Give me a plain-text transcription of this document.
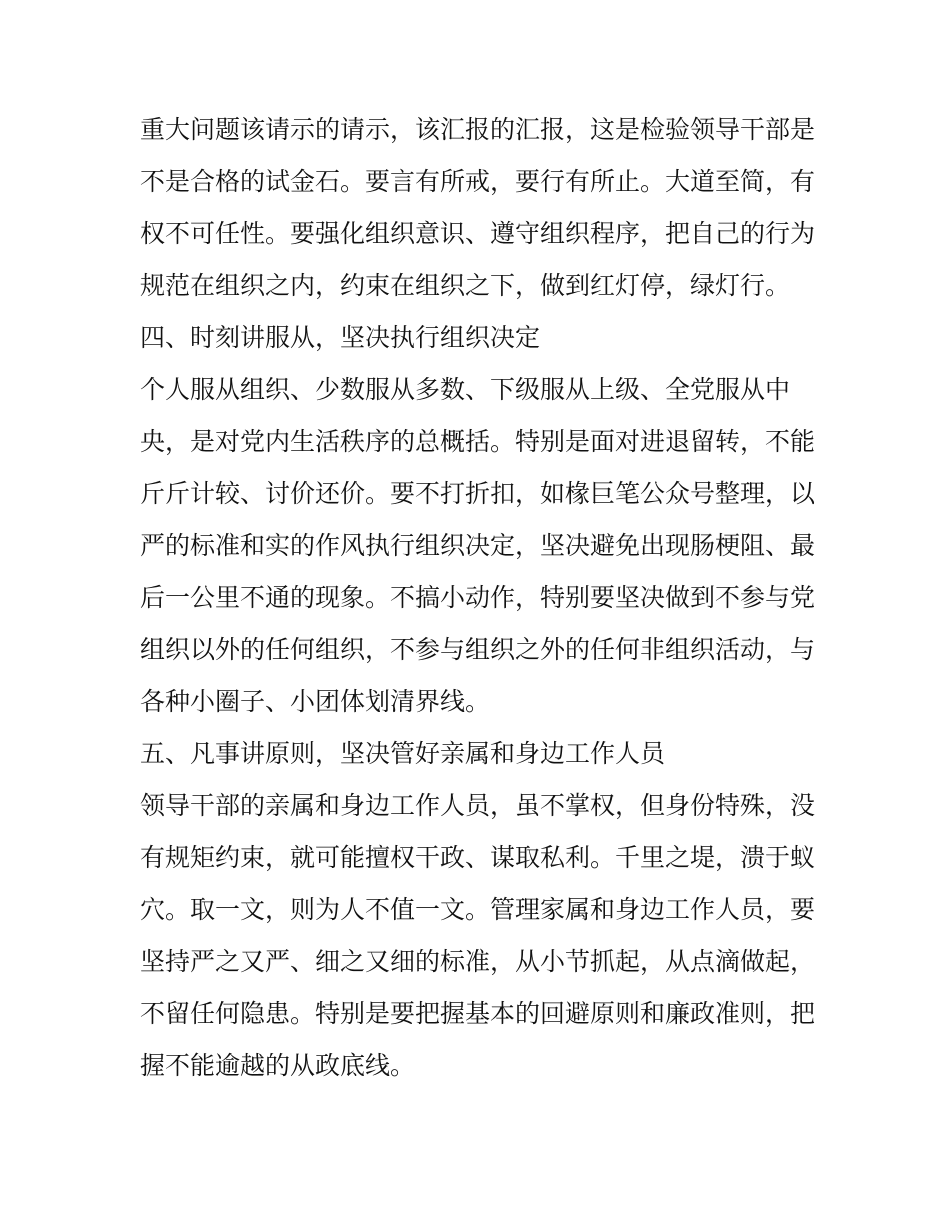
重大问题该请示的请示，该汇报的汇报，这是检验领导干部是
不是合格的试金石。要言有所戒，要行有所止。大道至简，有
权不可任性。要强化组织意识、遵守组织程序，把自己的行为
规范在组织之内，约束在组织之下，做到红灯停，绿灯行。
四、时刻讲服从，坚决执行组织决定
个人服从组织、少数服从多数、下级服从上级、全党服从中
央，是对党内生活秩序的总概括。特别是面对进退留转，不能
斤斤计较、讨价还价。要不打折扣，如椽巨笔公众号整理，以
严的标准和实的作风执行组织决定，坚决避免出现肠梗阻、最
后一公里不通的现象。不搞小动作，特别要坚决做到不参与党
组织以外的任何组织，不参与组织之外的任何非组织活动，与
各种小圈子、小团体划清界线。
五、凡事讲原则，坚决管好亲属和身边工作人员
领导干部的亲属和身边工作人员，虽不掌权，但身份特殊，没
有规矩约束，就可能擅权干政、谋取私利。千里之堤，溃于蚁
穴。取一文，则为人不值一文。管理家属和身边工作人员，要
坚持严之又严、细之又细的标准，从小节抓起，从点滴做起，
不留任何隐患。特别是要把握基本的回避原则和廉政准则，把
握不能逾越的从政底线。
